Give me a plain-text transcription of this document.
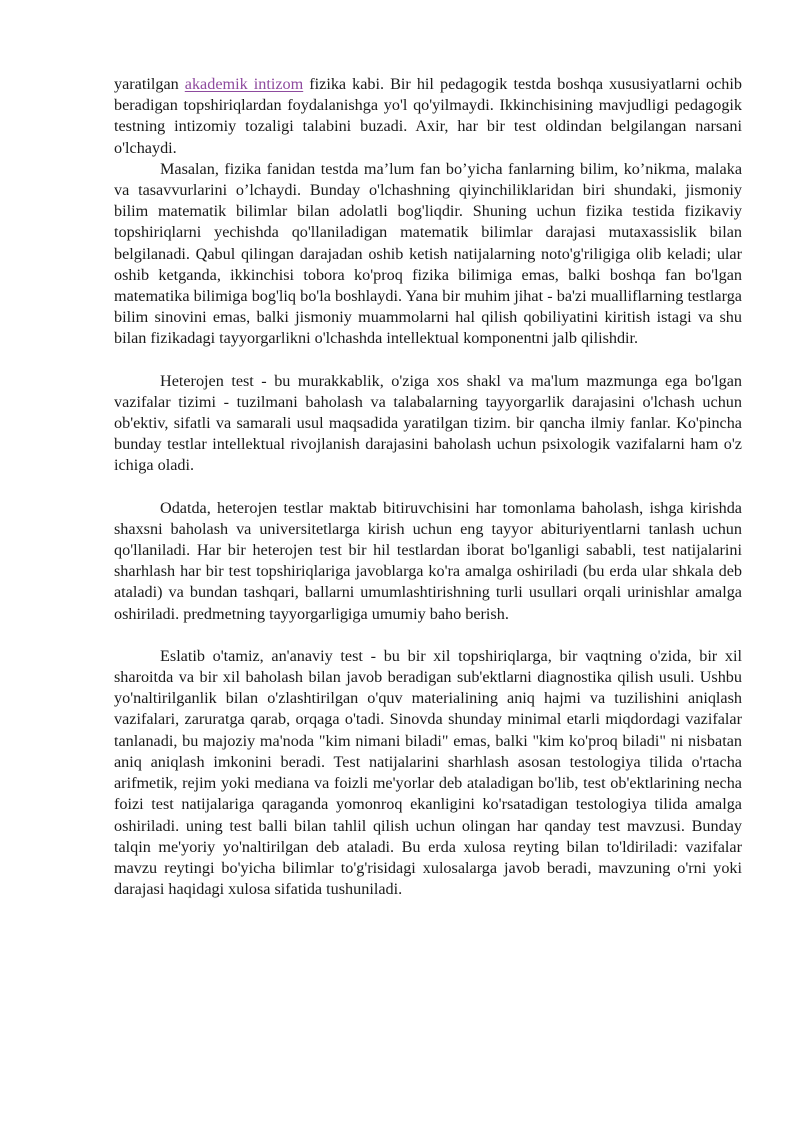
yaratilgan akademik intizom fizika kabi. Bir hil pedagogik testda boshqa xususiyatlarni ochib beradigan topshiriqlardan foydalanishga yo'l qo'yilmaydi. Ikkinchisining mavjudligi pedagogik testning intizomiy tozaligi talabini buzadi. Axir, har bir test oldindan belgilangan narsani o'lchaydi.

Masalan, fizika fanidan testda ma’lum fan bo’yicha fanlarning bilim, ko’nikma, malaka va tasavvurlarini o’lchaydi. Bunday o'lchashning qiyinchiliklaridan biri shundaki, jismoniy bilim matematik bilimlar bilan adolatli bog'liqdir. Shuning uchun fizika testida fizikaviy topshiriqlarni yechishda qo'llaniladigan matematik bilimlar darajasi mutaxassislik bilan belgilanadi. Qabul qilingan darajadan oshib ketish natijalarning noto'g'riligiga olib keladi; ular oshib ketganda, ikkinchisi tobora ko'proq fizika bilimiga emas, balki boshqa fan bo'lgan matematika bilimiga bog'liq bo'la boshlaydi. Yana bir muhim jihat - ba'zi mualliflarning testlarga bilim sinovini emas, balki jismoniy muammolarni hal qilish qobiliyatini kiritish istagi va shu bilan fizikadagi tayyorgarlikni o'lchashda intellektual komponentni jalb qilishdir.

Heterojen test - bu murakkablik, o'ziga xos shakl va ma'lum mazmunga ega bo'lgan vazifalar tizimi - tuzilmani baholash va talabalarning tayyorgarlik darajasini o'lchash uchun ob'ektiv, sifatli va samarali usul maqsadida yaratilgan tizim. bir qancha ilmiy fanlar. Ko'pincha bunday testlar intellektual rivojlanish darajasini baholash uchun psixologik vazifalarni ham o'z ichiga oladi.

Odatda, heterojen testlar maktab bitiruvchisini har tomonlama baholash, ishga kirishda shaxsni baholash va universitetlarga kirish uchun eng tayyor abituriyentlarni tanlash uchun qo'llaniladi. Har bir heterojen test bir hil testlardan iborat bo'lganligi sababli, test natijalarini sharhlash har bir test topshiriqlariga javoblarga ko'ra amalga oshiriladi (bu erda ular shkala deb ataladi) va bundan tashqari, ballarni umumlashtirishning turli usullari orqali urinishlar amalga oshiriladi. predmetning tayyorgarligiga umumiy baho berish.

Eslatib o'tamiz, an'anaviy test - bu bir xil topshiriqlarga, bir vaqtning o'zida, bir xil sharoitda va bir xil baholash bilan javob beradigan sub'ektlarni diagnostika qilish usuli. Ushbu yo'naltirilganlik bilan o'zlashtirilgan o'quv materialining aniq hajmi va tuzilishini aniqlash vazifalari, zaruratga qarab, orqaga o'tadi. Sinovda shunday minimal etarli miqdordagi vazifalar tanlanadi, bu majoziy ma'noda "kim nimani biladi" emas, balki "kim ko'proq biladi" ni nisbatan aniq aniqlash imkonini beradi. Test natijalarini sharhlash asosan testologiya tilida o'rtacha arifmetik, rejim yoki mediana va foizli me'yorlar deb ataladigan bo'lib, test ob'ektlarining necha foizi test natijalariga qaraganda yomonroq ekanligini ko'rsatadigan testologiya tilida amalga oshiriladi. uning test balli bilan tahlil qilish uchun olingan har qanday test mavzusi. Bunday talqin me'yoriy yo'naltirilgan deb ataladi. Bu erda xulosa reyting bilan to'ldiriladi: vazifalar mavzu reytingi bo'yicha bilimlar to'g'risidagi xulosalarga javob beradi, mavzuning o'rni yoki darajasi haqidagi xulosa sifatida tushuniladi.
